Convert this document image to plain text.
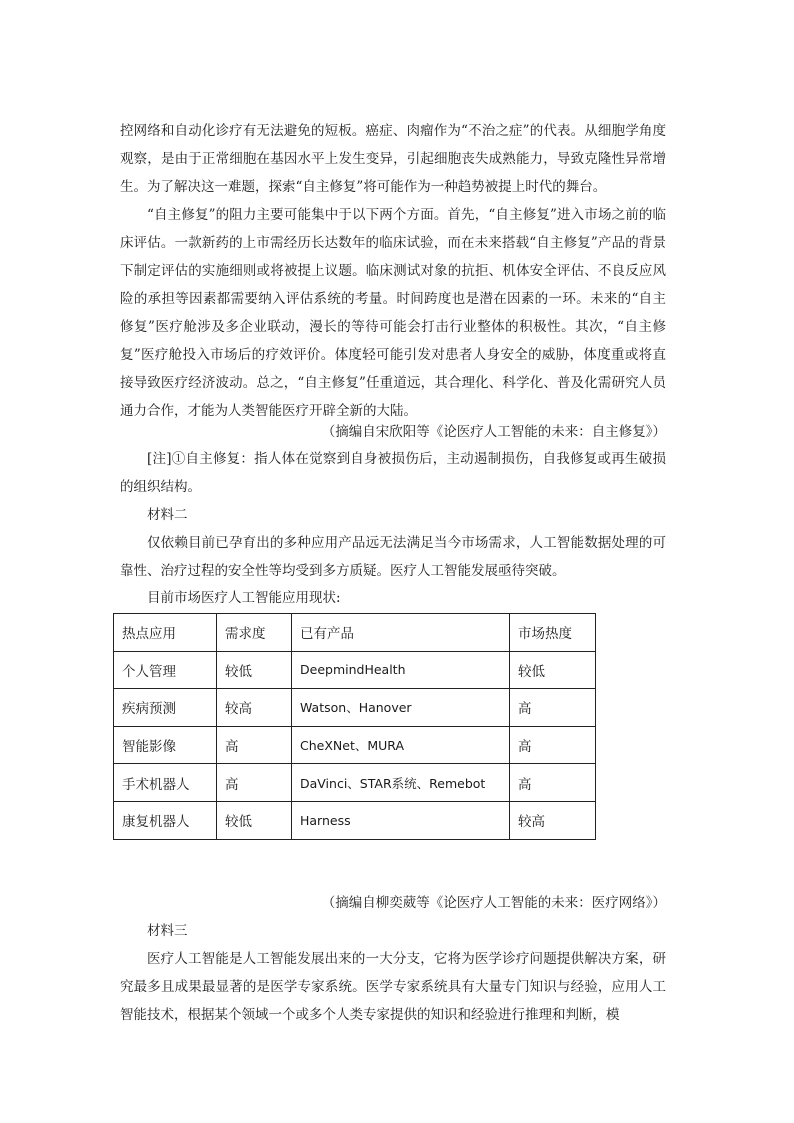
控网络和自动化诊疗有无法避免的短板。癌症、肉瘤作为“不治之症”的代表。从细胞学角度观察，是由于正常细胞在基因水平上发生变异，引起细胞丧失成熟能力，导致克隆性异常增生。为了解决这一难题，探索“自主修复”将可能作为一种趋势被提上时代的舞台。

“自主修复”的阻力主要可能集中于以下两个方面。首先，“自主修复”进入市场之前的临床评估。一款新药的上市需经历长达数年的临床试验，而在未来搭载“自主修复”产品的背景下制定评估的实施细则或将被提上议题。临床测试对象的抗拒、机体安全评估、不良反应风险的承担等因素都需要纳入评估系统的考量。时间跨度也是潜在因素的一环。未来的“自主修复”医疗舱涉及多企业联动，漫长的等待可能会打击行业整体的积极性。其次，“自主修复”医疗舱投入市场后的疗效评价。体度轻可能引发对患者人身安全的威胁，体度重或将直接导致医疗经济波动。总之，“自主修复”任重道远，其合理化、科学化、普及化需研究人员通力合作，才能为人类智能医疗开辟全新的大陆。

（摘编自宋欣阳等《论医疗人工智能的未来：自主修复》）

[注]①自主修复：指人体在觉察到自身被损伤后，主动遏制损伤，自我修复或再生破损的组织结构。

材料二

仅依赖目前已孕育出的多种应用产品远无法满足当今市场需求，人工智能数据处理的可靠性、治疗过程的安全性等均受到多方质疑。医疗人工智能发展亟待突破。

目前市场医疗人工智能应用现状:

热点应用	需求度	已有产品	市场热度
个人管理	较低	DeepmindHealth	较低
疾病预测	较高	Watson、Hanover	高
智能影像	高	CheXNet、MURA	高
手术机器人	高	DaVinci、STAR系统、Remebot	高
康复机器人	较低	Harness	较高

（摘编自柳奕葳等《论医疗人工智能的未来：医疗网络》）

材料三

医疗人工智能是人工智能发展出来的一大分支，它将为医学诊疗问题提供解决方案，研究最多且成果最显著的是医学专家系统。医学专家系统具有大量专门知识与经验，应用人工智能技术，根据某个领域一个或多个人类专家提供的知识和经验进行推理和判断，模
